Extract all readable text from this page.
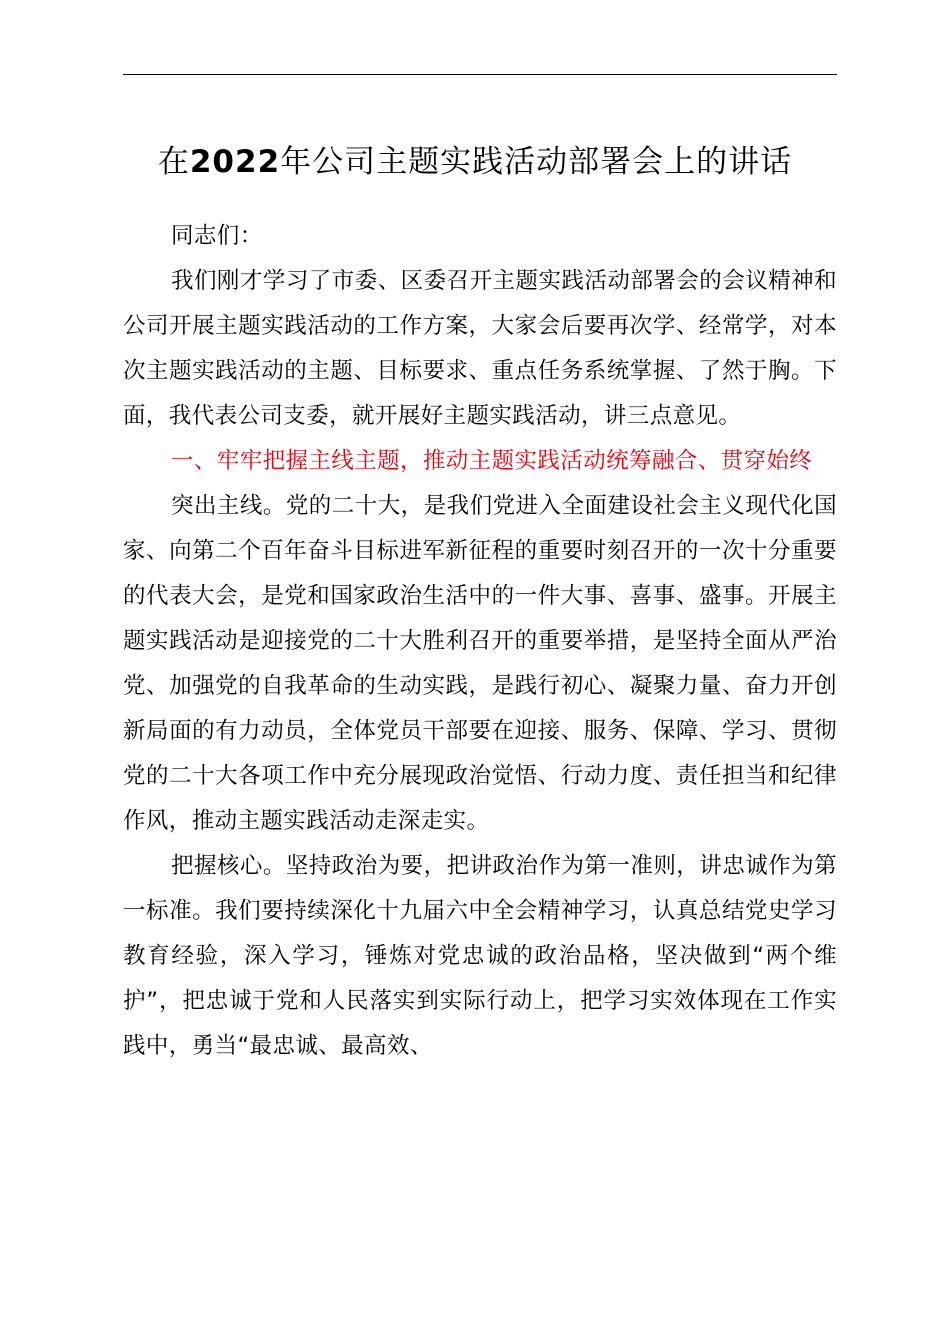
在2022年公司主题实践活动部署会上的讲话

同志们：

我们刚才学习了市委、区委召开主题实践活动部署会的会议精神和公司开展主题实践活动的工作方案，大家会后要再次学、经常学，对本次主题实践活动的主题、目标要求、重点任务系统掌握、了然于胸。下面，我代表公司支委，就开展好主题实践活动，讲三点意见。

一、牢牢把握主线主题，推动主题实践活动统筹融合、贯穿始终

突出主线。党的二十大，是我们党进入全面建设社会主义现代化国家、向第二个百年奋斗目标进军新征程的重要时刻召开的一次十分重要的代表大会，是党和国家政治生活中的一件大事、喜事、盛事。开展主题实践活动是迎接党的二十大胜利召开的重要举措，是坚持全面从严治党、加强党的自我革命的生动实践，是践行初心、凝聚力量、奋力开创新局面的有力动员，全体党员干部要在迎接、服务、保障、学习、贯彻党的二十大各项工作中充分展现政治觉悟、行动力度、责任担当和纪律作风，推动主题实践活动走深走实。

把握核心。坚持政治为要，把讲政治作为第一准则，讲忠诚作为第一标准。我们要持续深化十九届六中全会精神学习，认真总结党史学习教育经验，深入学习，锤炼对党忠诚的政治品格，坚决做到“两个维护”，把忠诚于党和人民落实到实际行动上，把学习实效体现在工作实践中，勇当“最忠诚、最高效、
